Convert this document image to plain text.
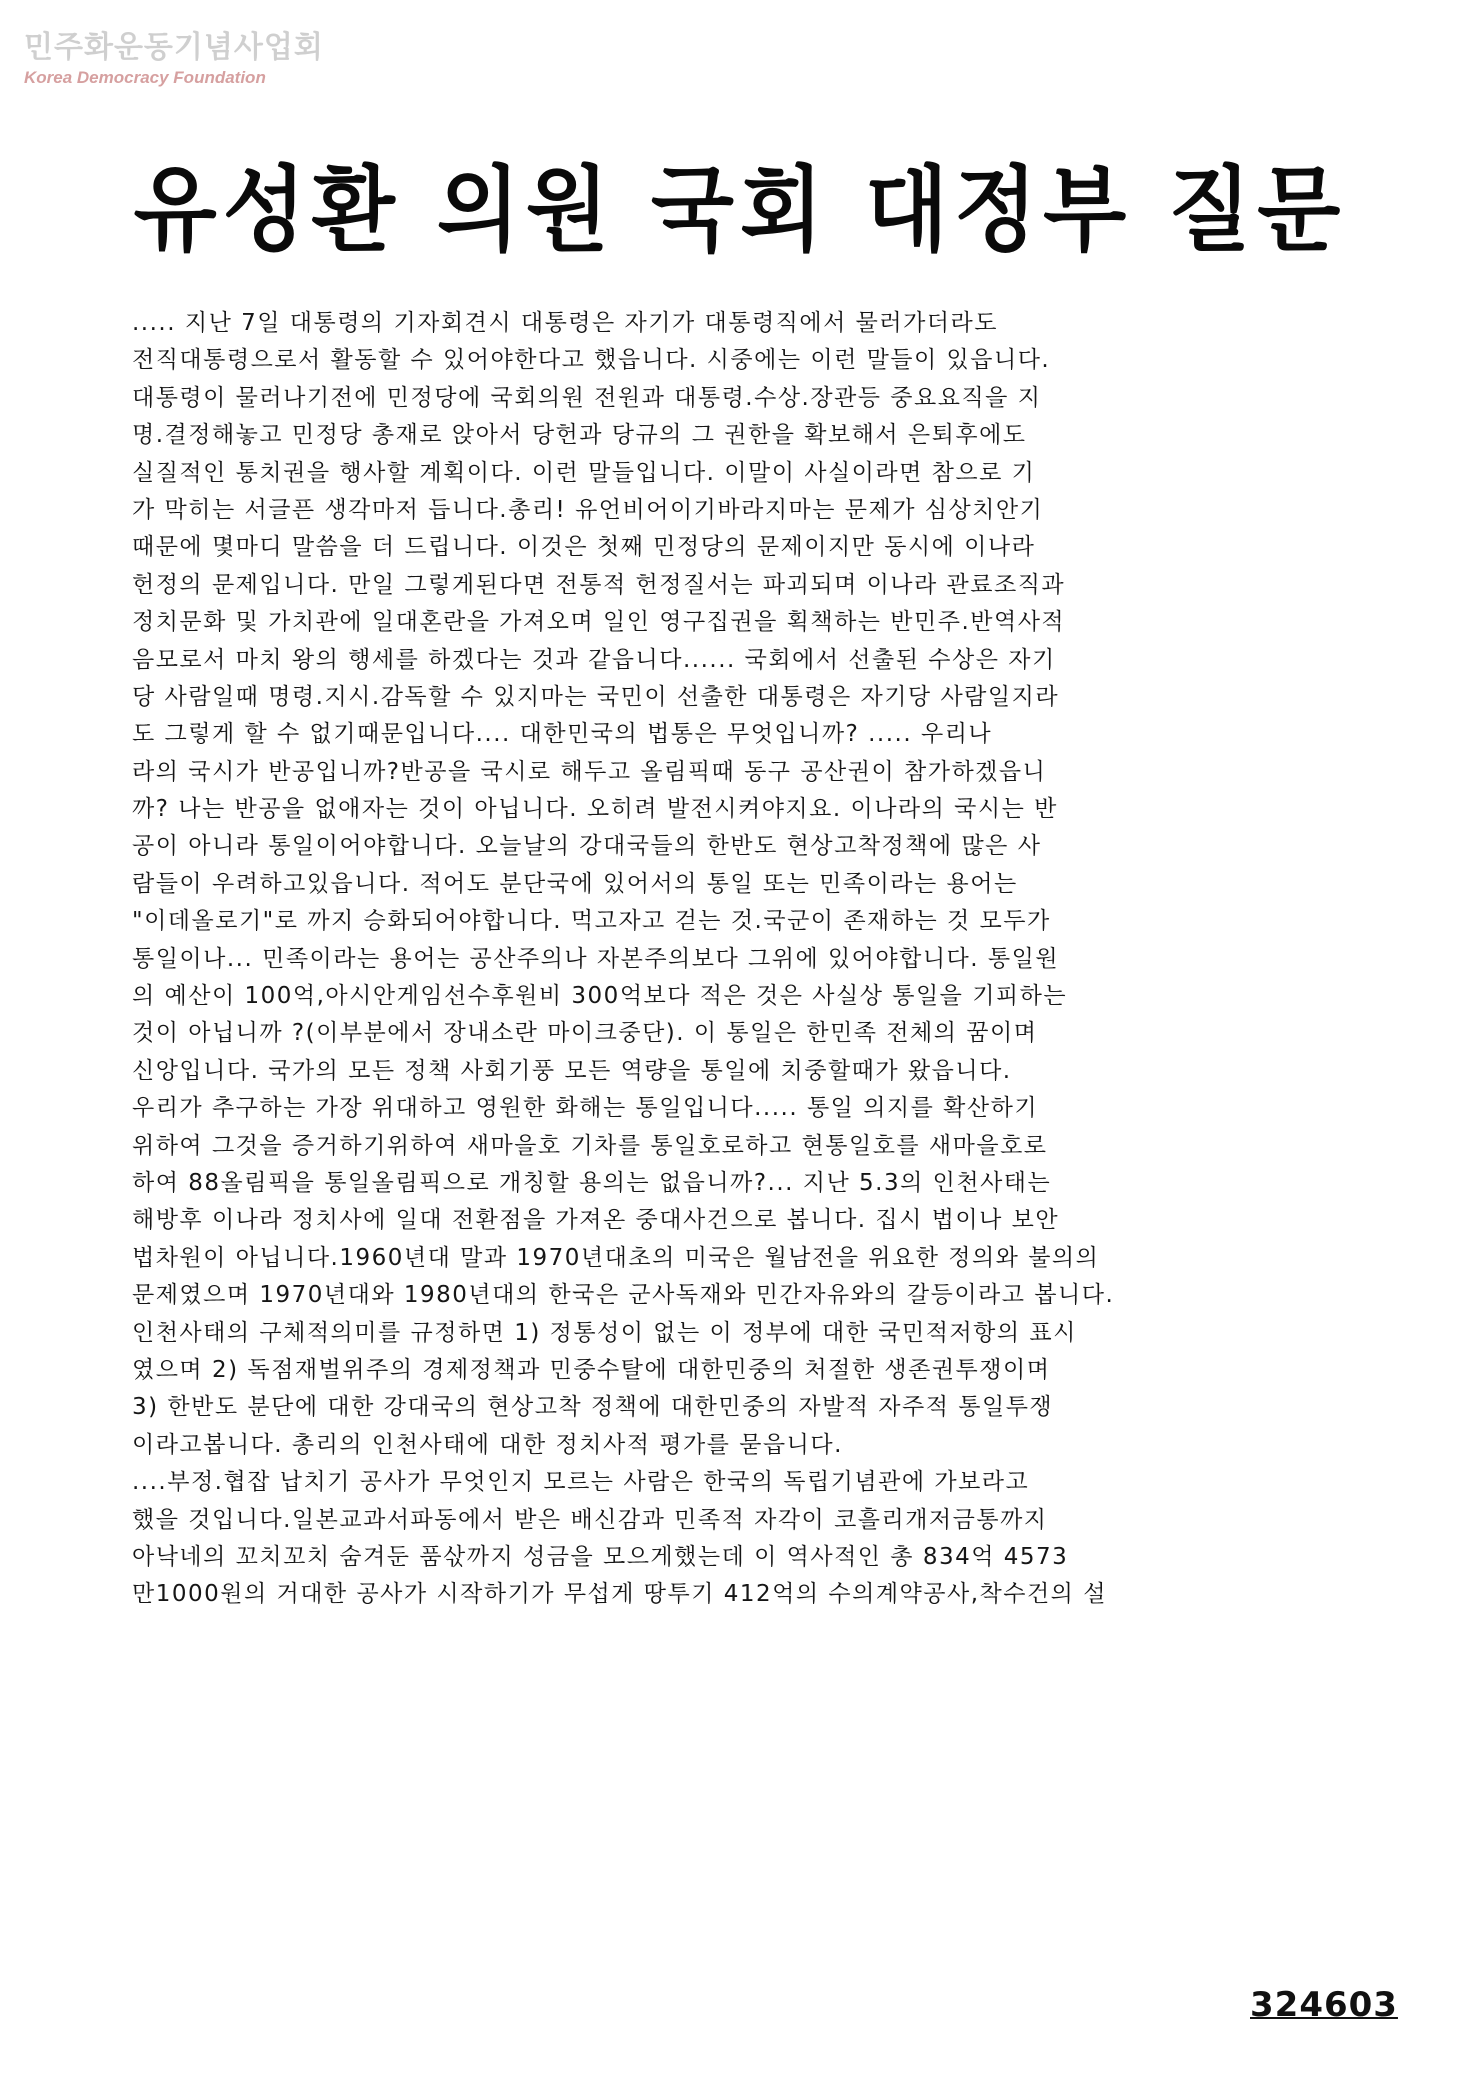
민주화운동기념사업회
Korea Democracy Foundation
유성환 의원 국회 대정부 질문
..... 지난 7일 대통령의 기자회견시 대통령은 자기가 대통령직에서 물러가더라도
전직대통령으로서 활동할 수 있어야한다고 했읍니다. 시중에는 이런 말들이 있읍니다.
대통령이 물러나기전에 민정당에 국회의원 전원과 대통령.수상.장관등 중요요직을 지
명.결정해놓고 민정당 총재로 앉아서 당헌과 당규의 그 권한을 확보해서 은퇴후에도
실질적인 통치권을 행사할 계획이다. 이런 말들입니다. 이말이 사실이라면 참으로 기
가 막히는 서글픈 생각마저 듭니다.총리! 유언비어이기바라지마는 문제가 심상치안기
때문에 몇마디 말씀을 더 드립니다. 이것은 첫째 민정당의 문제이지만 동시에 이나라
헌정의 문제입니다. 만일 그렇게된다면 전통적 헌정질서는 파괴되며 이나라 관료조직과
정치문화 및 가치관에 일대혼란을 가져오며 일인 영구집권을 획책하는 반민주.반역사적
음모로서 마치 왕의 행세를 하겠다는 것과 같읍니다...... 국회에서 선출된 수상은 자기
당 사람일때 명령.지시.감독할 수 있지마는 국민이 선출한 대통령은 자기당 사람일지라
도 그렇게 할 수 없기때문입니다.... 대한민국의 법통은 무엇입니까? ..... 우리나
라의 국시가 반공입니까?반공을 국시로 해두고 올림픽때 동구 공산권이 참가하겠읍니
까? 나는 반공을 없애자는 것이 아닙니다. 오히려 발전시켜야지요. 이나라의 국시는 반
공이 아니라 통일이어야합니다. 오늘날의 강대국들의 한반도 현상고착정책에 많은 사
람들이 우려하고있읍니다. 적어도 분단국에 있어서의 통일 또는 민족이라는 용어는
"이데올로기"로 까지 승화되어야합니다. 먹고자고 걷는 것.국군이 존재하는 것 모두가
통일이나... 민족이라는 용어는 공산주의나 자본주의보다 그위에 있어야합니다. 통일원
의 예산이 100억,아시안게임선수후원비 300억보다 적은 것은 사실상 통일을 기피하는
것이 아닙니까 ?(이부분에서 장내소란 마이크중단). 이 통일은 한민족 전체의 꿈이며
신앙입니다. 국가의 모든 정책 사회기풍 모든 역량을 통일에 치중할때가 왔읍니다.
우리가 추구하는 가장 위대하고 영원한 화해는 통일입니다..... 통일 의지를 확산하기
위하여 그것을 증거하기위하여 새마을호 기차를 통일호로하고 현통일호를 새마을호로
하여 88올림픽을 통일올림픽으로 개칭할 용의는 없읍니까?... 지난 5.3의 인천사태는
해방후 이나라 정치사에 일대 전환점을 가져온 중대사건으로 봅니다. 집시 법이나 보안
법차원이 아닙니다.1960년대 말과 1970년대초의 미국은 월남전을 위요한 정의와 불의의
문제였으며 1970년대와 1980년대의 한국은 군사독재와 민간자유와의 갈등이라고 봅니다.
인천사태의 구체적의미를 규정하면 1) 정통성이 없는 이 정부에 대한 국민적저항의 표시
였으며 2) 독점재벌위주의 경제정책과 민중수탈에 대한민중의 처절한 생존권투쟁이며
3) 한반도 분단에 대한 강대국의 현상고착 정책에 대한민중의 자발적 자주적 통일투쟁
이라고봅니다. 총리의 인천사태에 대한 정치사적 평가를 묻읍니다.
....부정.협잡 납치기 공사가 무엇인지 모르는 사람은 한국의 독립기념관에 가보라고
했을 것입니다.일본교과서파동에서 받은 배신감과 민족적 자각이 코흘리개저금통까지
아낙네의 꼬치꼬치 숨겨둔 품삯까지 성금을 모으게했는데 이 역사적인 총 834억 4573
만1000원의 거대한 공사가 시작하기가 무섭게 땅투기 412억의 수의계약공사,착수건의 설
324603
